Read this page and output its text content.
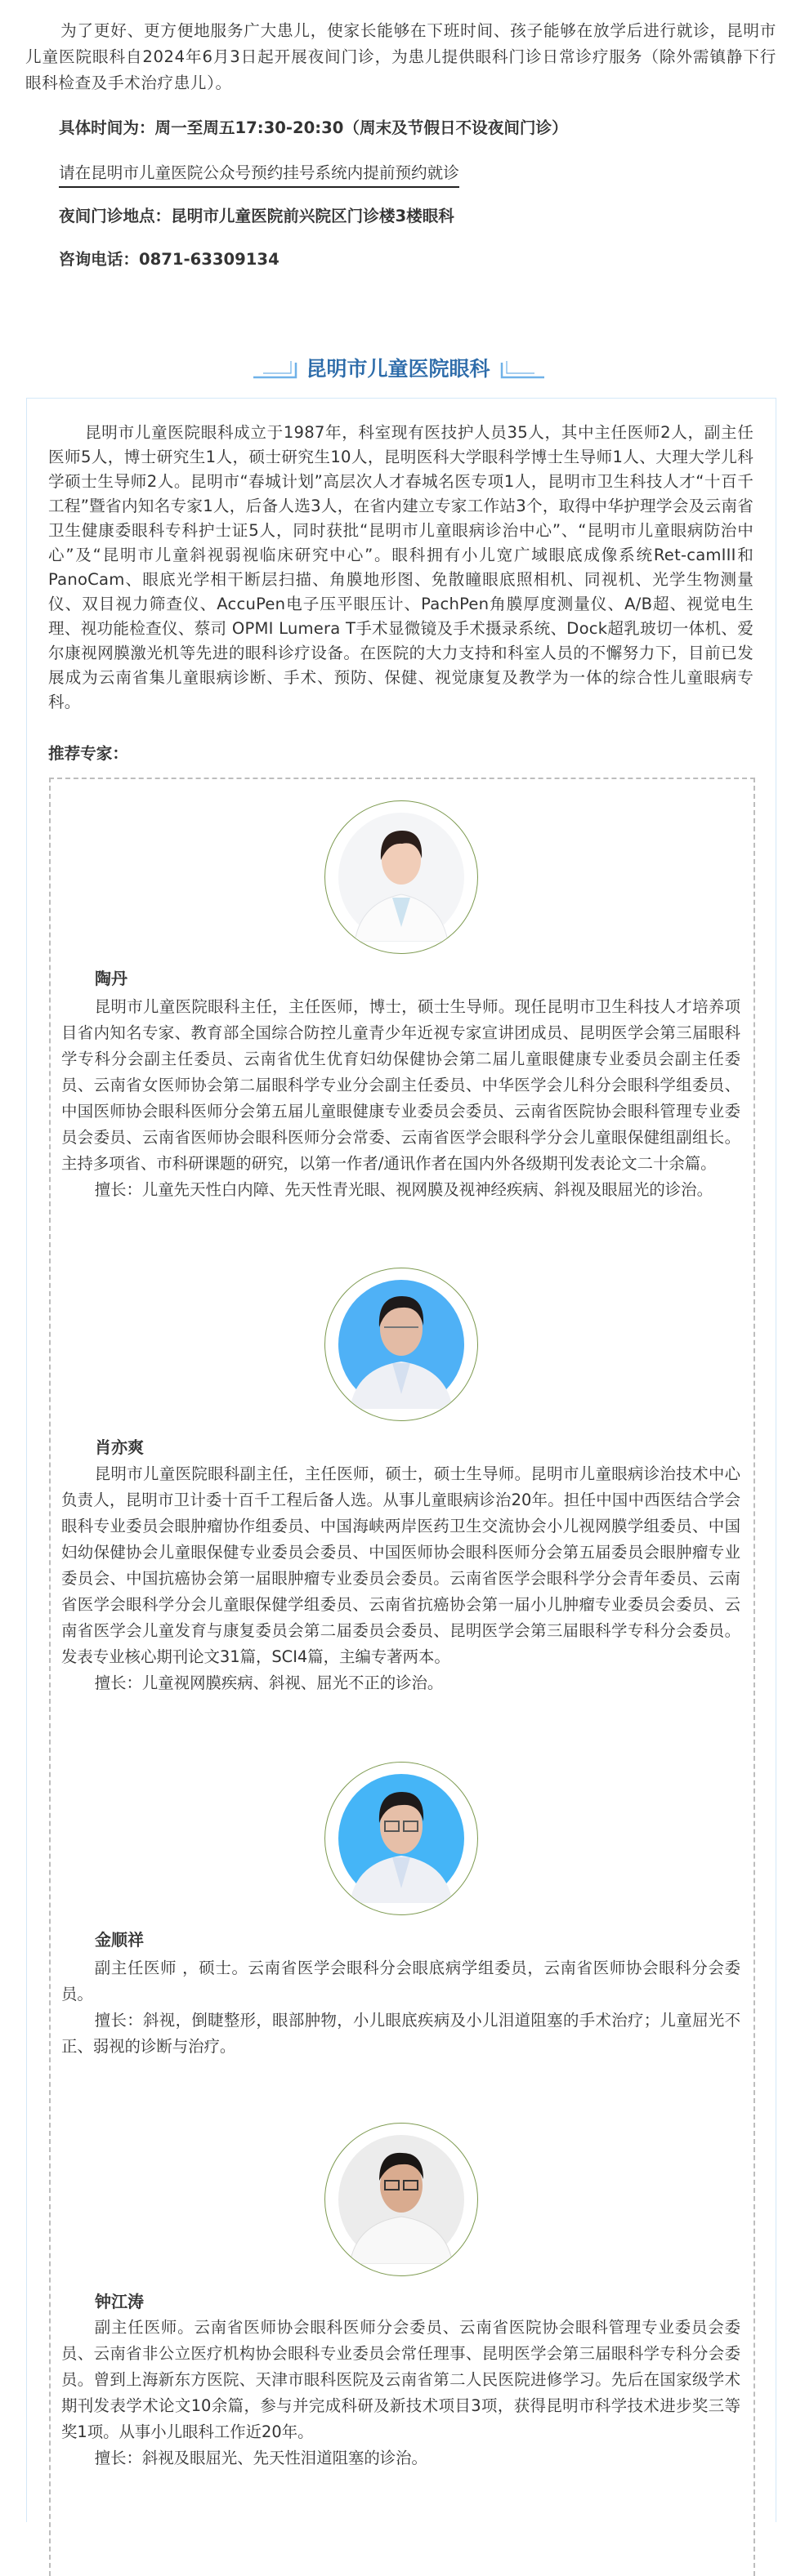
为了更好、更方便地服务广大患儿，使家长能够在下班时间、孩子能够在放学后进行就诊，昆明市儿童医院眼科自2024年6月3日起开展夜间门诊，为患儿提供眼科门诊日常诊疗服务（除外需镇静下行眼科检查及手术治疗患儿）。

具体时间为：周一至周五17:30-20:30（周末及节假日不设夜间门诊）
请在昆明市儿童医院公众号预约挂号系统内提前预约就诊
夜间门诊地点：昆明市儿童医院前兴院区门诊楼3楼眼科
咨询电话：0871-63309134
昆明市儿童医院眼科

昆明市儿童医院眼科成立于1987年，科室现有医技护人员35人，其中主任医师2人，副主任医师5人，博士研究生1人，硕士研究生10人，昆明医科大学眼科学博士生导师1人、大理大学儿科学硕士生导师2人。昆明市“春城计划”高层次人才春城名医专项1人，昆明市卫生科技人才“十百千工程”暨省内知名专家1人，后备人选3人，在省内建立专家工作站3个，取得中华护理学会及云南省卫生健康委眼科专科护士证5人，同时获批“昆明市儿童眼病诊治中心”、“昆明市儿童眼病防治中心”及“昆明市儿童斜视弱视临床研究中心”。眼科拥有小儿宽广域眼底成像系统Ret-camIII和PanoCam、眼底光学相干断层扫描、角膜地形图、免散瞳眼底照相机、同视机、光学生物测量仪、双目视力筛查仪、AccuPen电子压平眼压计、PachPen角膜厚度测量仪、A/B超、视觉电生理、视功能检查仪、蔡司 OPMI Lumera T手术显微镜及手术摄录系统、Dock超乳玻切一体机、爱尔康视网膜激光机等先进的眼科诊疗设备。在医院的大力支持和科室人员的不懈努力下，目前已发展成为云南省集儿童眼病诊断、手术、预防、保健、视觉康复及教学为一体的综合性儿童眼病专科。

推荐专家：
陶丹

昆明市儿童医院眼科主任，主任医师，博士，硕士生导师。现任昆明市卫生科技人才培养项目省内知名专家、教育部全国综合防控儿童青少年近视专家宣讲团成员、昆明医学会第三届眼科学专科分会副主任委员、云南省优生优育妇幼保健协会第二届儿童眼健康专业委员会副主任委员、云南省女医师协会第二届眼科学专业分会副主任委员、中华医学会儿科分会眼科学组委员、中国医师协会眼科医师分会第五届儿童眼健康专业委员会委员、云南省医院协会眼科管理专业委员会委员、云南省医师协会眼科医师分会常委、云南省医学会眼科学分会儿童眼保健组副组长。主持多项省、市科研课题的研究，以第一作者/通讯作者在国内外各级期刊发表论文二十余篇。

擅长：儿童先天性白内障、先天性青光眼、视网膜及视神经疾病、斜视及眼屈光的诊治。

肖亦爽

昆明市儿童医院眼科副主任，主任医师，硕士，硕士生导师。昆明市儿童眼病诊治技术中心负责人，昆明市卫计委十百千工程后备人选。从事儿童眼病诊治20年。担任中国中西医结合学会眼科专业委员会眼肿瘤协作组委员、中国海峡两岸医药卫生交流协会小儿视网膜学组委员、中国妇幼保健协会儿童眼保健专业委员会委员、中国医师协会眼科医师分会第五届委员会眼肿瘤专业委员会、中国抗癌协会第一届眼肿瘤专业委员会委员。云南省医学会眼科学分会青年委员、云南省医学会眼科学分会儿童眼保健学组委员、云南省抗癌协会第一届小儿肿瘤专业委员会委员、云南省医学会儿童发育与康复委员会第二届委员会委员、昆明医学会第三届眼科学专科分会委员。发表专业核心期刊论文31篇，SCI4篇，主编专著两本。

擅长：儿童视网膜疾病、斜视、屈光不正的诊治。

金顺祥

副主任医师 ，硕士。云南省医学会眼科分会眼底病学组委员，云南省医师协会眼科分会委员。

擅长：斜视，倒睫整形，眼部肿物，小儿眼底疾病及小儿泪道阻塞的手术治疗；儿童屈光不正、弱视的诊断与治疗。

钟江涛

副主任医师。云南省医师协会眼科医师分会委员、云南省医院协会眼科管理专业委员会委员、云南省非公立医疗机构协会眼科专业委员会常任理事、昆明医学会第三届眼科学专科分会委员。曾到上海新东方医院、天津市眼科医院及云南省第二人民医院进修学习。先后在国家级学术期刊发表学术论文10余篇，参与并完成科研及新技术项目3项，获得昆明市科学技术进步奖三等奖1项。从事小儿眼科工作近20年。

擅长：斜视及眼屈光、先天性泪道阻塞的诊治。
